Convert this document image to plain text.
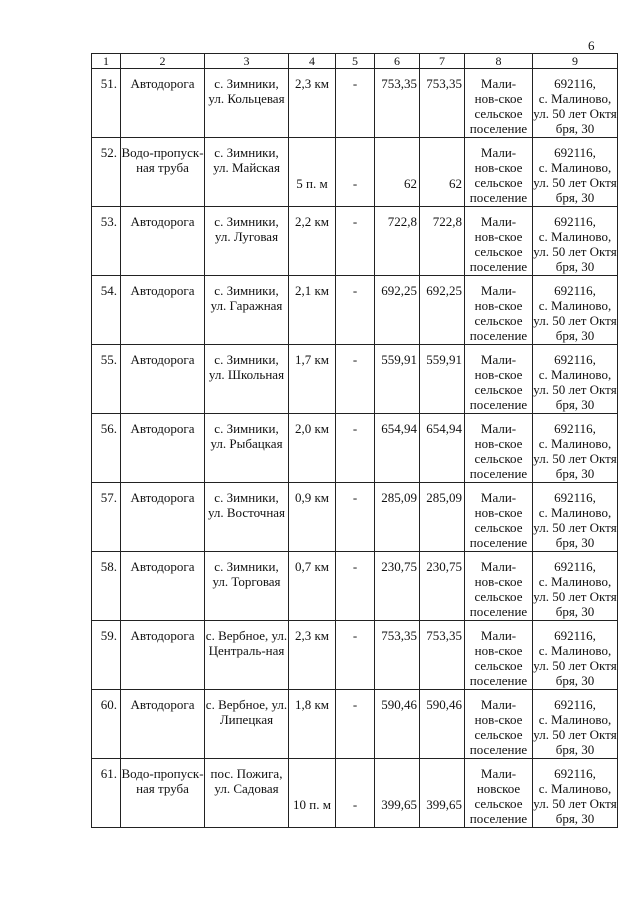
6
1	2	3	4	5	6	7	8	9

51.	Автодорога	с. Зимники, ул. Кольцевая	2,3 км	-	753,35	753,35	Мали-
нов-ское
сельское
поселение	692116,
с. Малиново,
ул. 50 лет Октя
бря, 30

52.	Водо-пропуск-ная труба	с. Зимники, ул. Майская	5 п. м	-	62	62	Мали-
нов-ское
сельское
поселение	692116,
с. Малиново,
ул. 50 лет Октя
бря, 30

53.	Автодорога	с. Зимники, ул. Луговая	2,2 км	-	722,8	722,8	Мали-
нов-ское
сельское
поселение	692116,
с. Малиново,
ул. 50 лет Октя
бря, 30

54.	Автодорога	с. Зимники, ул. Гаражная	2,1 км	-	692,25	692,25	Мали-
нов-ское
сельское
поселение	692116,
с. Малиново,
ул. 50 лет Октя
бря, 30

55.	Автодорога	с. Зимники, ул. Школьная	1,7 км	-	559,91	559,91	Мали-
нов-ское
сельское
поселение	692116,
с. Малиново,
ул. 50 лет Октя
бря, 30

56.	Автодорога	с. Зимники, ул. Рыбацкая	2,0 км	-	654,94	654,94	Мали-
нов-ское
сельское
поселение	692116,
с. Малиново,
ул. 50 лет Октя
бря, 30

57.	Автодорога	с. Зимники, ул. Восточная	0,9 км	-	285,09	285,09	Мали-
нов-ское
сельское
поселение	692116,
с. Малиново,
ул. 50 лет Октя
бря, 30

58.	Автодорога	с. Зимники, ул. Торговая	0,7 км	-	230,75	230,75	Мали-
нов-ское
сельское
поселение	692116,
с. Малиново,
ул. 50 лет Октя
бря, 30

59.	Автодорога	с. Вербное, ул. Централь-ная	2,3 км	-	753,35	753,35	Мали-
нов-ское
сельское
поселение	692116,
с. Малиново,
ул. 50 лет Октя
бря, 30

60.	Автодорога	с. Вербное, ул. Липецкая	1,8 км	-	590,46	590,46	Мали-
нов-ское
сельское
поселение	692116,
с. Малиново,
ул. 50 лет Октя
бря, 30

61.	Водо-пропуск-ная труба	пос. Пожига, ул. Садовая	10 п. м	-	399,65	399,65	Мали-
новское
сельское
поселение	692116,
с. Малиново,
ул. 50 лет Октя
бря, 30
